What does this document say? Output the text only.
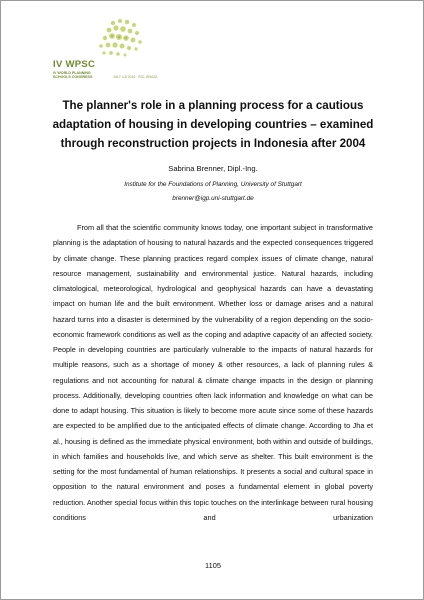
IV WPSC
IV WORLD PLANNING SCHOOLS CONGRESS	JULY 4-8 2016 · RIO, BRAZIL
The planner's role in a planning process for a cautious adaptation of housing in developing countries – examined through reconstruction projects in Indonesia after 2004
Sabrina Brenner, Dipl.-Ing.
Institute for the Foundations of Planning, University of Stuttgart
brenner@igp.uni-stuttgart.de

From all that the scientific community knows today, one important subject in transformative planning is the adaptation of housing to natural hazards and the expected consequences triggered by climate change. These planning practices regard complex issues of climate change, natural resource management, sustainability and environmental justice. Natural hazards, including climatological, meteorological, hydrological and geophysical hazards can have a devastating impact on human life and the built environment. Whether loss or damage arises and a natural hazard turns into a disaster is determined by the vulnerability of a region depending on the socio-economic framework conditions as well as the coping and adaptive capacity of an affected society. People in developing countries are particularly vulnerable to the impacts of natural hazards for multiple reasons, such as a shortage of money & other resources, a lack of planning rules & regulations and not accounting for natural & climate change impacts in the design or planning process. Additionally, developing countries often lack information and knowledge on what can be done to adapt housing. This situation is likely to become more acute since some of these hazards are expected to be amplified due to the anticipated effects of climate change. According to Jha et al., housing is defined as the immediate physical environment, both within and outside of buildings, in which families and households live, and which serve as shelter. This built environment is the setting for the most fundamental of human relationships. It presents a social and cultural space in opposition to the natural environment and poses a fundamental element in global poverty reduction. Another special focus within this topic touches on the interlinkage between rural housing conditions and urbanization

1105
